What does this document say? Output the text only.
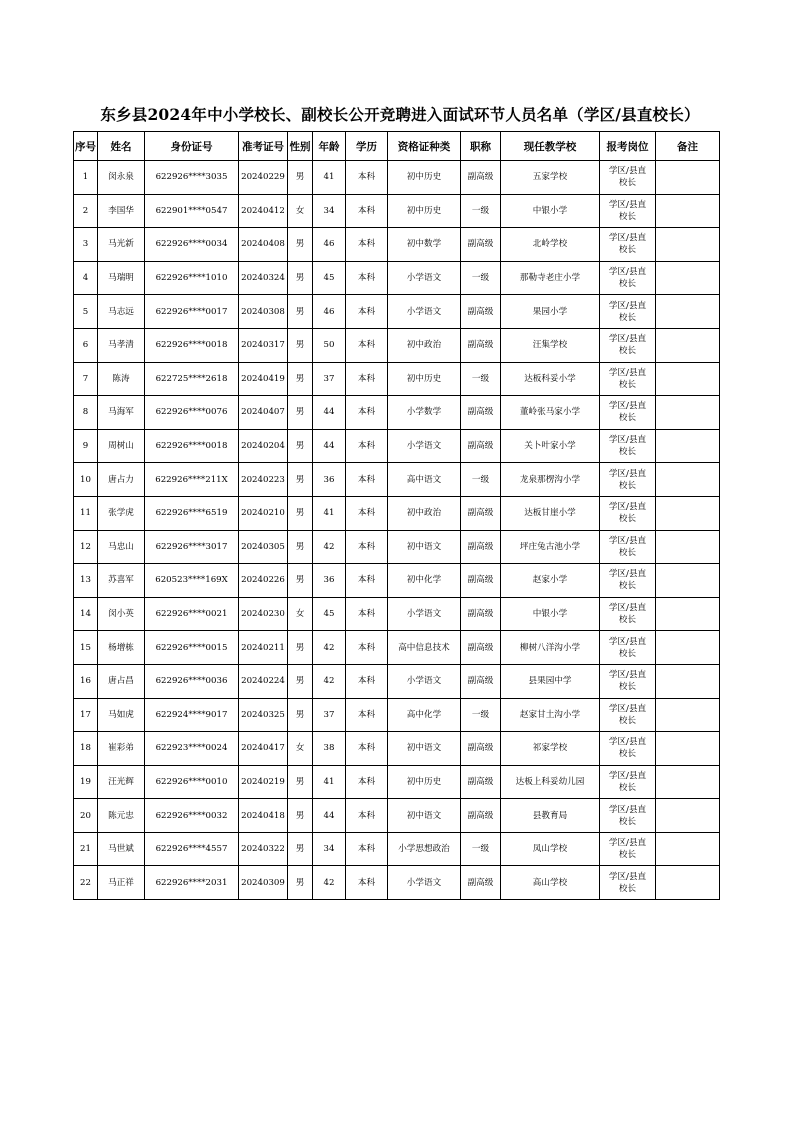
东乡县2024年中小学校长、副校长公开竞聘进入面试环节人员名单（学区/县直校长）
序号	姓名	身份证号	准考证号	性别	年龄	学历	资格证种类	职称	现任教学校	报考岗位	备注
1	闵永泉	622926****3035	20240229	男	41	本科	初中历史	副高级	五家学校	学区/县直
校长	

2	李国华	622901****0547	20240412	女	34	本科	初中历史	一级	中银小学	学区/县直
校长	

3	马光新	622926****0034	20240408	男	46	本科	初中数学	副高级	北岭学校	学区/县直
校长	

4	马瑞明	622926****1010	20240324	男	45	本科	小学语文	一级	那勒寺老庄小学	学区/县直
校长	

5	马志远	622926****0017	20240308	男	46	本科	小学语文	副高级	果园小学	学区/县直
校长	

6	马孝清	622926****0018	20240317	男	50	本科	初中政治	副高级	汪集学校	学区/县直
校长	

7	陈涛	622725****2618	20240419	男	37	本科	初中历史	一级	达板科妥小学	学区/县直
校长	

8	马海军	622926****0076	20240407	男	44	本科	小学数学	副高级	董岭张马家小学	学区/县直
校长	

9	周树山	622926****0018	20240204	男	44	本科	小学语文	副高级	关卜叶家小学	学区/县直
校长	

10	唐占力	622926****211X	20240223	男	36	本科	高中语文	一级	龙泉那楞沟小学	学区/县直
校长	

11	张学虎	622926****6519	20240210	男	41	本科	初中政治	副高级	达板甘崖小学	学区/县直
校长	

12	马忠山	622926****3017	20240305	男	42	本科	初中语文	副高级	坪庄兔古池小学	学区/县直
校长	

13	苏喜军	620523****169X	20240226	男	36	本科	初中化学	副高级	赵家小学	学区/县直
校长	

14	闵小英	622926****0021	20240230	女	45	本科	小学语文	副高级	中银小学	学区/县直
校长	

15	杨增栋	622926****0015	20240211	男	42	本科	高中信息技术	副高级	柳树八洋沟小学	学区/县直
校长	

16	唐占昌	622926****0036	20240224	男	42	本科	小学语文	副高级	县果园中学	学区/县直
校长	

17	马如虎	622924****9017	20240325	男	37	本科	高中化学	一级	赵家甘土沟小学	学区/县直
校长	

18	崔彩弟	622923****0024	20240417	女	38	本科	初中语文	副高级	祁家学校	学区/县直
校长	

19	汪光辉	622926****0010	20240219	男	41	本科	初中历史	副高级	达板上科妥幼儿园	学区/县直
校长	

20	陈元忠	622926****0032	20240418	男	44	本科	初中语文	副高级	县教育局	学区/县直
校长	

21	马世斌	622926****4557	20240322	男	34	本科	小学思想政治	一级	凤山学校	学区/县直
校长	

22	马正祥	622926****2031	20240309	男	42	本科	小学语文	副高级	高山学校	学区/县直
校长	
